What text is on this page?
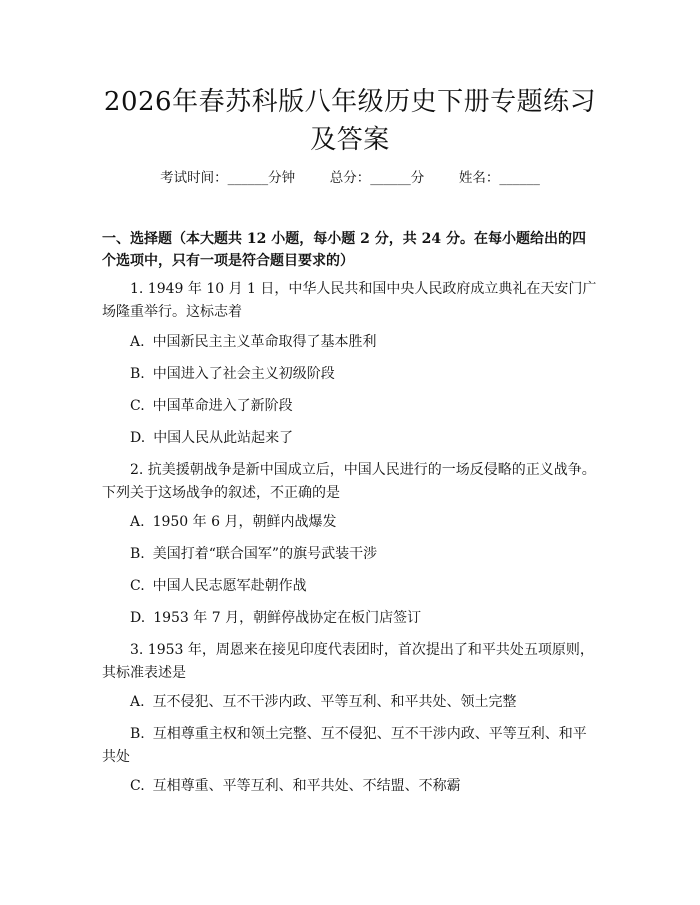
2026年春苏科版八年级历史下册专题练习及答案
考试时间：______分钟	总分：______分	姓名：______
一、选择题（本大题共 12 小题，每小题 2 分，共 24 分。在每小题给出的四个选项中，只有一项是符合题目要求的）
1. 1949 年 10 月 1 日，中华人民共和国中央人民政府成立典礼在天安门广场隆重举行。这标志着
A. 中国新民主主义革命取得了基本胜利
B. 中国进入了社会主义初级阶段
C. 中国革命进入了新阶段
D. 中国人民从此站起来了
2. 抗美援朝战争是新中国成立后，中国人民进行的一场反侵略的正义战争。下列关于这场战争的叙述，不正确的是
A. 1950 年 6 月，朝鲜内战爆发
B. 美国打着“联合国军”的旗号武装干涉
C. 中国人民志愿军赴朝作战
D. 1953 年 7 月，朝鲜停战协定在板门店签订
3. 1953 年，周恩来在接见印度代表团时，首次提出了和平共处五项原则，其标准表述是
A. 互不侵犯、互不干涉内政、平等互利、和平共处、领土完整
B. 互相尊重主权和领土完整、互不侵犯、互不干涉内政、平等互利、和平共处
C. 互相尊重、平等互利、和平共处、不结盟、不称霸
